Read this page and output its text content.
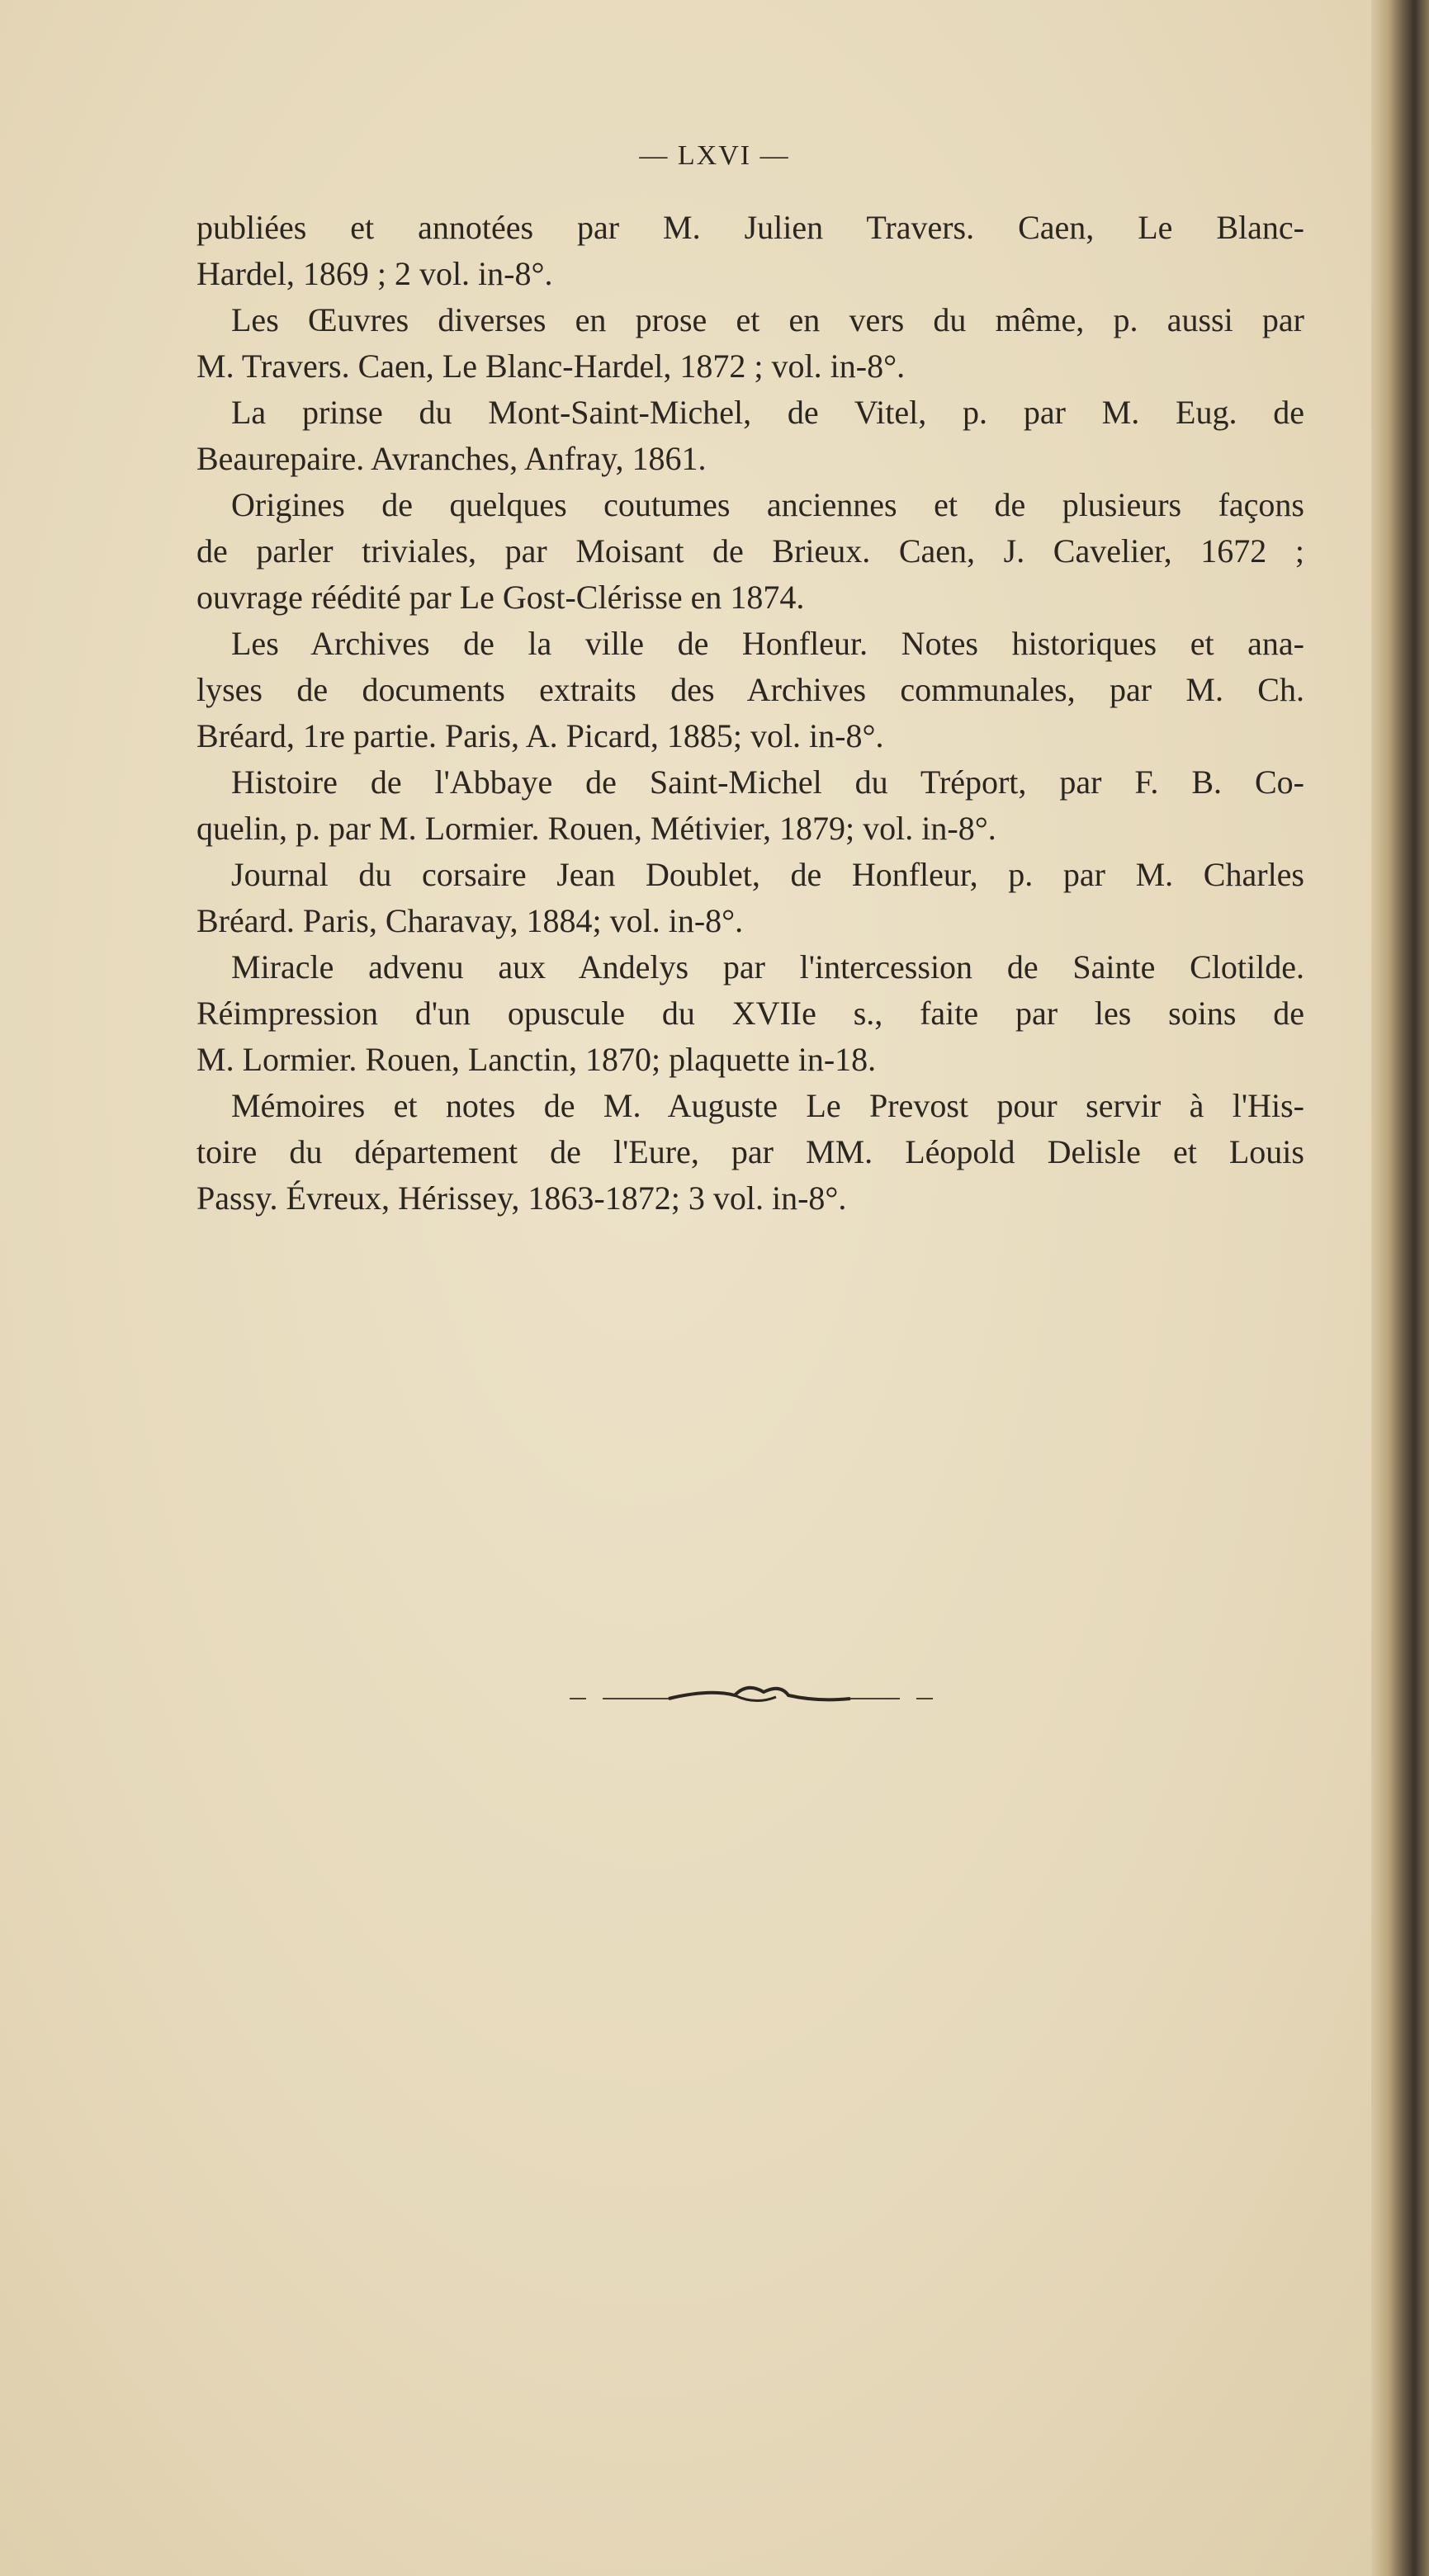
— LXVI —
publiées et annotées par M. Julien Travers. Caen, Le Blanc-
Hardel, 1869 ; 2 vol. in-8°.
Les Œuvres diverses en prose et en vers du même, p. aussi par
M. Travers. Caen, Le Blanc-Hardel, 1872 ; vol. in-8°.
La prinse du Mont-Saint-Michel, de Vitel, p. par M. Eug. de
Beaurepaire. Avranches, Anfray, 1861.
Origines de quelques coutumes anciennes et de plusieurs façons
de parler triviales, par Moisant de Brieux. Caen, J. Cavelier, 1672 ;
ouvrage réédité par Le Gost-Clérisse en 1874.
Les Archives de la ville de Honfleur. Notes historiques et ana-
lyses de documents extraits des Archives communales, par M. Ch.
Bréard, 1re partie. Paris, A. Picard, 1885; vol. in-8°.
Histoire de l'Abbaye de Saint-Michel du Tréport, par F. B. Co-
quelin, p. par M. Lormier. Rouen, Métivier, 1879; vol. in-8°.
Journal du corsaire Jean Doublet, de Honfleur, p. par M. Charles
Bréard. Paris, Charavay, 1884; vol. in-8°.
Miracle advenu aux Andelys par l'intercession de Sainte Clotilde.
Réimpression d'un opuscule du XVIIe s., faite par les soins de
M. Lormier. Rouen, Lanctin, 1870; plaquette in-18.
Mémoires et notes de M. Auguste Le Prevost pour servir à l'His-
toire du département de l'Eure, par MM. Léopold Delisle et Louis
Passy. Évreux, Hérissey, 1863-1872; 3 vol. in-8°.
